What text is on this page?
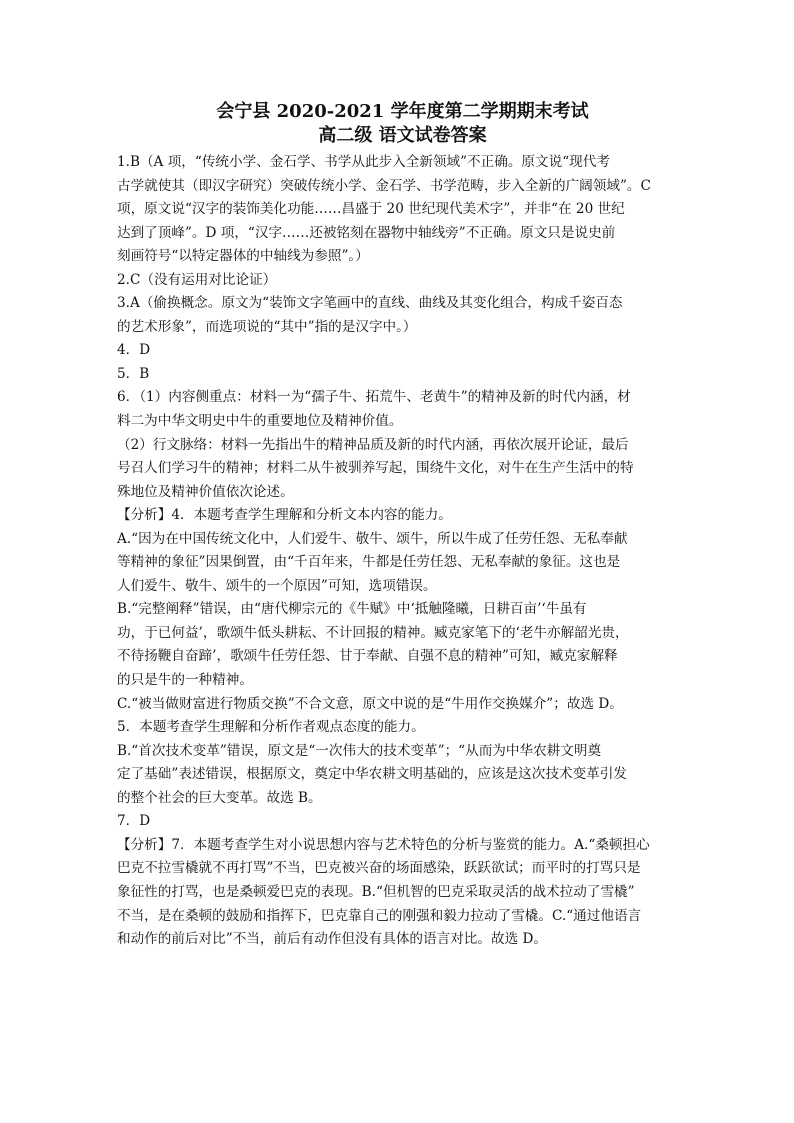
会宁县 2020-2021 学年度第二学期期末考试

高二级 语文试卷答案

1.B（A 项，“传统小学、金石学、书学从此步入全新领域”不正确。原文说“现代考

古学就使其（即汉字研究）突破传统小学、金石学、书学范畴，步入全新的广阔领域”。C

项，原文说“汉字的装饰美化功能……昌盛于 20 世纪现代美术字”，并非“在 20 世纪

达到了顶峰”。D 项，“汉字……还被铭刻在器物中轴线旁”不正确。原文只是说史前

刻画符号“以特定器体的中轴线为参照”。）

2.C（没有运用对比论证）

3.A（偷换概念。原文为“装饰文字笔画中的直线、曲线及其变化组合，构成千姿百态

的艺术形象”，而选项说的“其中”指的是汉字中。）

4．D

5．B

6．（1）内容侧重点：材料一为“孺子牛、拓荒牛、老黄牛”的精神及新的时代内涵，材

料二为中华文明史中牛的重要地位及精神价值。

（2）行文脉络：材料一先指出牛的精神品质及新的时代内涵，再依次展开论证，最后

号召人们学习牛的精神；材料二从牛被驯养写起，围绕牛文化，对牛在生产生活中的特

殊地位及精神价值依次论述。

【分析】4．本题考查学生理解和分析文本内容的能力。

A.“因为在中国传统文化中，人们爱牛、敬牛、颂牛，所以牛成了任劳任怨、无私奉献

等精神的象征”因果倒置，由“千百年来，牛都是任劳任怨、无私奉献的象征。这也是

人们爱牛、敬牛、颂牛的一个原因”可知，选项错误。

B.“完整阐释”错误，由“唐代柳宗元的《牛赋》中‘抵触隆曦，日耕百亩’‘牛虽有

功，于已何益’，歌颂牛低头耕耘、不计回报的精神。臧克家笔下的‘老牛亦解韶光贵，

不待扬鞭自奋蹄’，歌颂牛任劳任怨、甘于奉献、自强不息的精神”可知，臧克家解释

的只是牛的一种精神。

C.“被当做财富进行物质交换”不合文意，原文中说的是“牛用作交换媒介”；故选 D。

5．本题考查学生理解和分析作者观点态度的能力。

B.“首次技术变革”错误，原文是“一次伟大的技术变革”；“从而为中华农耕文明奠

定了基础”表述错误，根据原文，奠定中华农耕文明基础的，应该是这次技术变革引发

的整个社会的巨大变革。故选 B。

7．D

【分析】7．本题考查学生对小说思想内容与艺术特色的分析与鉴赏的能力。A.“桑顿担心

巴克不拉雪橇就不再打骂”不当，巴克被兴奋的场面感染，跃跃欲试；而平时的打骂只是

象征性的打骂，也是桑顿爱巴克的表现。B.“但机智的巴克采取灵活的战术拉动了雪橇”

不当，是在桑顿的鼓励和指挥下，巴克靠自己的刚强和毅力拉动了雪橇。C.“通过他语言

和动作的前后对比”不当，前后有动作但没有具体的语言对比。故选 D。
